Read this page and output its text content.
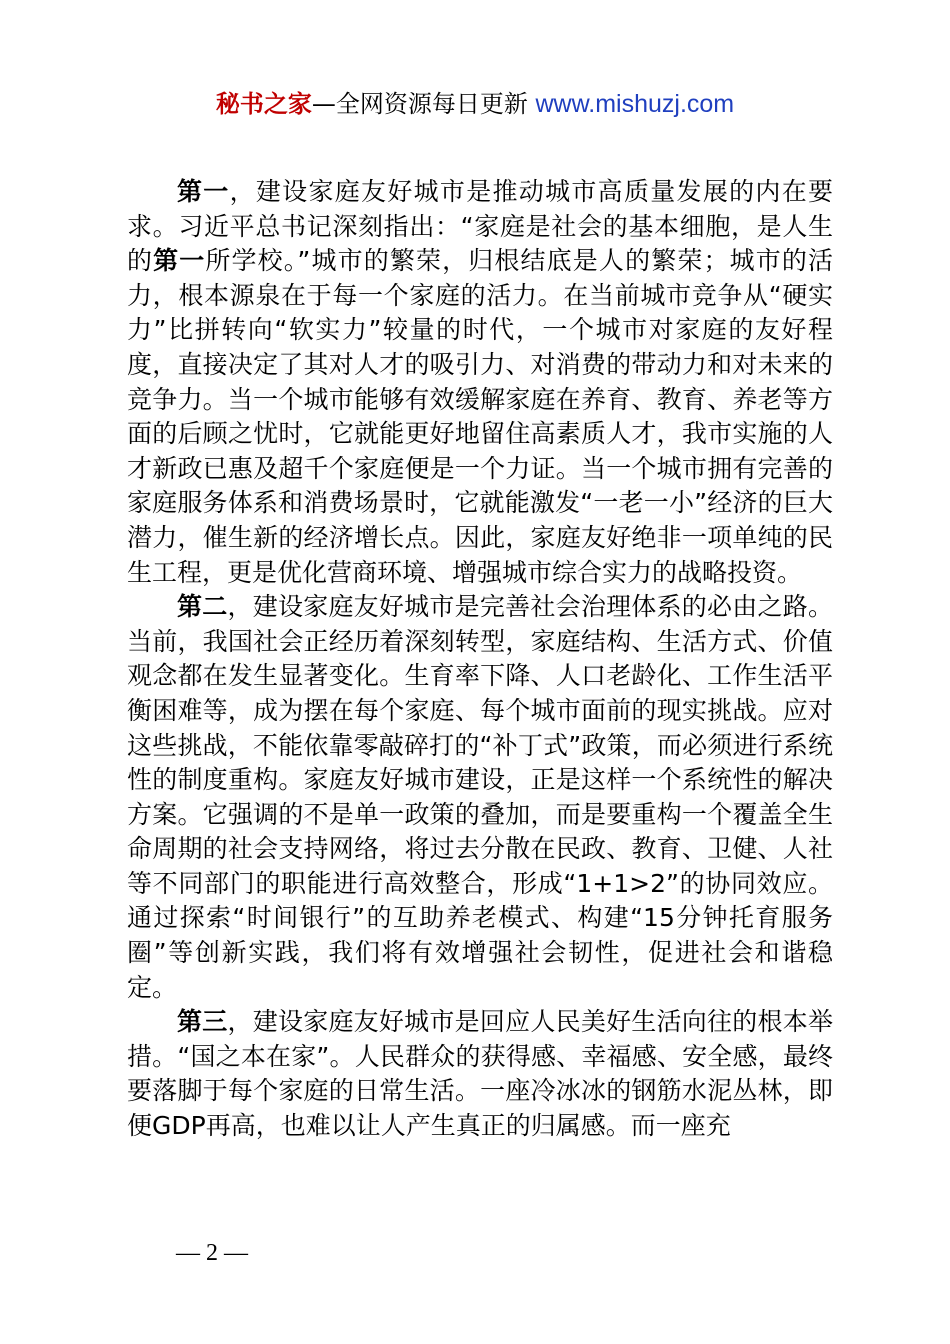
秘书之家—全网资源每日更新 www.mishuzj.com

第一，建设家庭友好城市是推动城市高质量发展的内在要求。习近平总书记深刻指出：“家庭是社会的基本细胞，是人生的第一所学校。”城市的繁荣，归根结底是人的繁荣；城市的活力，根本源泉在于每一个家庭的活力。在当前城市竞争从“硬实力”比拼转向“软实力”较量的时代，一个城市对家庭的友好程度，直接决定了其对人才的吸引力、对消费的带动力和对未来的竞争力。当一个城市能够有效缓解家庭在养育、教育、养老等方面的后顾之忧时，它就能更好地留住高素质人才，我市实施的人才新政已惠及超千个家庭便是一个力证。当一个城市拥有完善的家庭服务体系和消费场景时，它就能激发“一老一小”经济的巨大潜力，催生新的经济增长点。因此，家庭友好绝非一项单纯的民生工程，更是优化营商环境、增强城市综合实力的战略投资。

第二，建设家庭友好城市是完善社会治理体系的必由之路。当前，我国社会正经历着深刻转型，家庭结构、生活方式、价值观念都在发生显著变化。生育率下降、人口老龄化、工作生活平衡困难等，成为摆在每个家庭、每个城市面前的现实挑战。应对这些挑战，不能依靠零敲碎打的“补丁式”政策，而必须进行系统性的制度重构。家庭友好城市建设，正是这样一个系统性的解决方案。它强调的不是单一政策的叠加，而是要重构一个覆盖全生命周期的社会支持网络，将过去分散在民政、教育、卫健、人社等不同部门的职能进行高效整合，形成“1+1>2”的协同效应。通过探索“时间银行”的互助养老模式、构建“15分钟托育服务圈”等创新实践，我们将有效增强社会韧性，促进社会和谐稳定。

第三，建设家庭友好城市是回应人民美好生活向往的根本举措。“国之本在家”。人民群众的获得感、幸福感、安全感，最终要落脚于每个家庭的日常生活。一座冷冰冰的钢筋水泥丛林，即便GDP再高，也难以让人产生真正的归属感。而一座充

— 2 —
